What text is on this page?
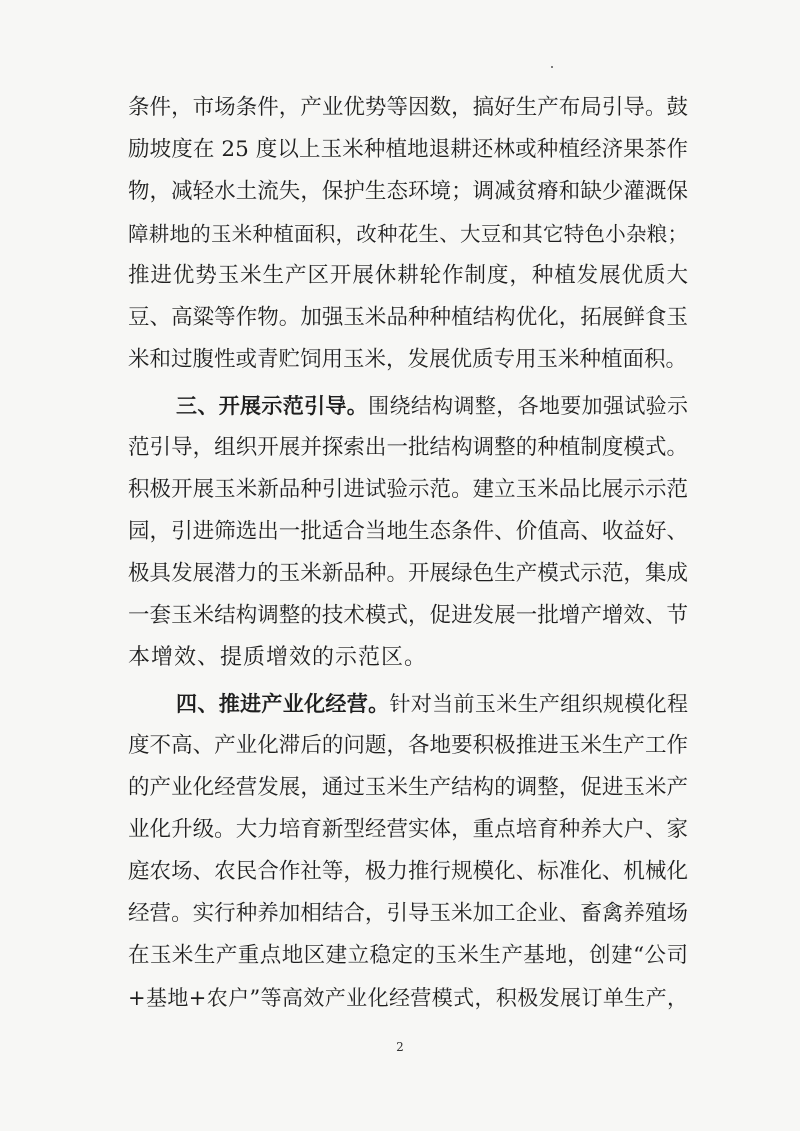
条件，市场条件，产业优势等因数，搞好生产布局引导。鼓
励坡度在 25 度以上玉米种植地退耕还林或种植经济果茶作
物，减轻水土流失，保护生态环境；调减贫瘠和缺少灌溉保
障耕地的玉米种植面积，改种花生、大豆和其它特色小杂粮；
推进优势玉米生产区开展休耕轮作制度，种植发展优质大
豆、高粱等作物。加强玉米品种种植结构优化，拓展鲜食玉
米和过腹性或青贮饲用玉米，发展优质专用玉米种植面积。
三、开展示范引导。围绕结构调整，各地要加强试验示
范引导，组织开展并探索出一批结构调整的种植制度模式。
积极开展玉米新品种引进试验示范。建立玉米品比展示示范
园，引进筛选出一批适合当地生态条件、价值高、收益好、
极具发展潜力的玉米新品种。开展绿色生产模式示范，集成
一套玉米结构调整的技术模式，促进发展一批增产增效、节
本增效、提质增效的示范区。
四、推进产业化经营。针对当前玉米生产组织规模化程
度不高、产业化滞后的问题，各地要积极推进玉米生产工作
的产业化经营发展，通过玉米生产结构的调整，促进玉米产
业化升级。大力培育新型经营实体，重点培育种养大户、家
庭农场、农民合作社等，极力推行规模化、标准化、机械化
经营。实行种养加相结合，引导玉米加工企业、畜禽养殖场
在玉米生产重点地区建立稳定的玉米生产基地，创建“公司
+基地+农户”等高效产业化经营模式，积极发展订单生产，
2
